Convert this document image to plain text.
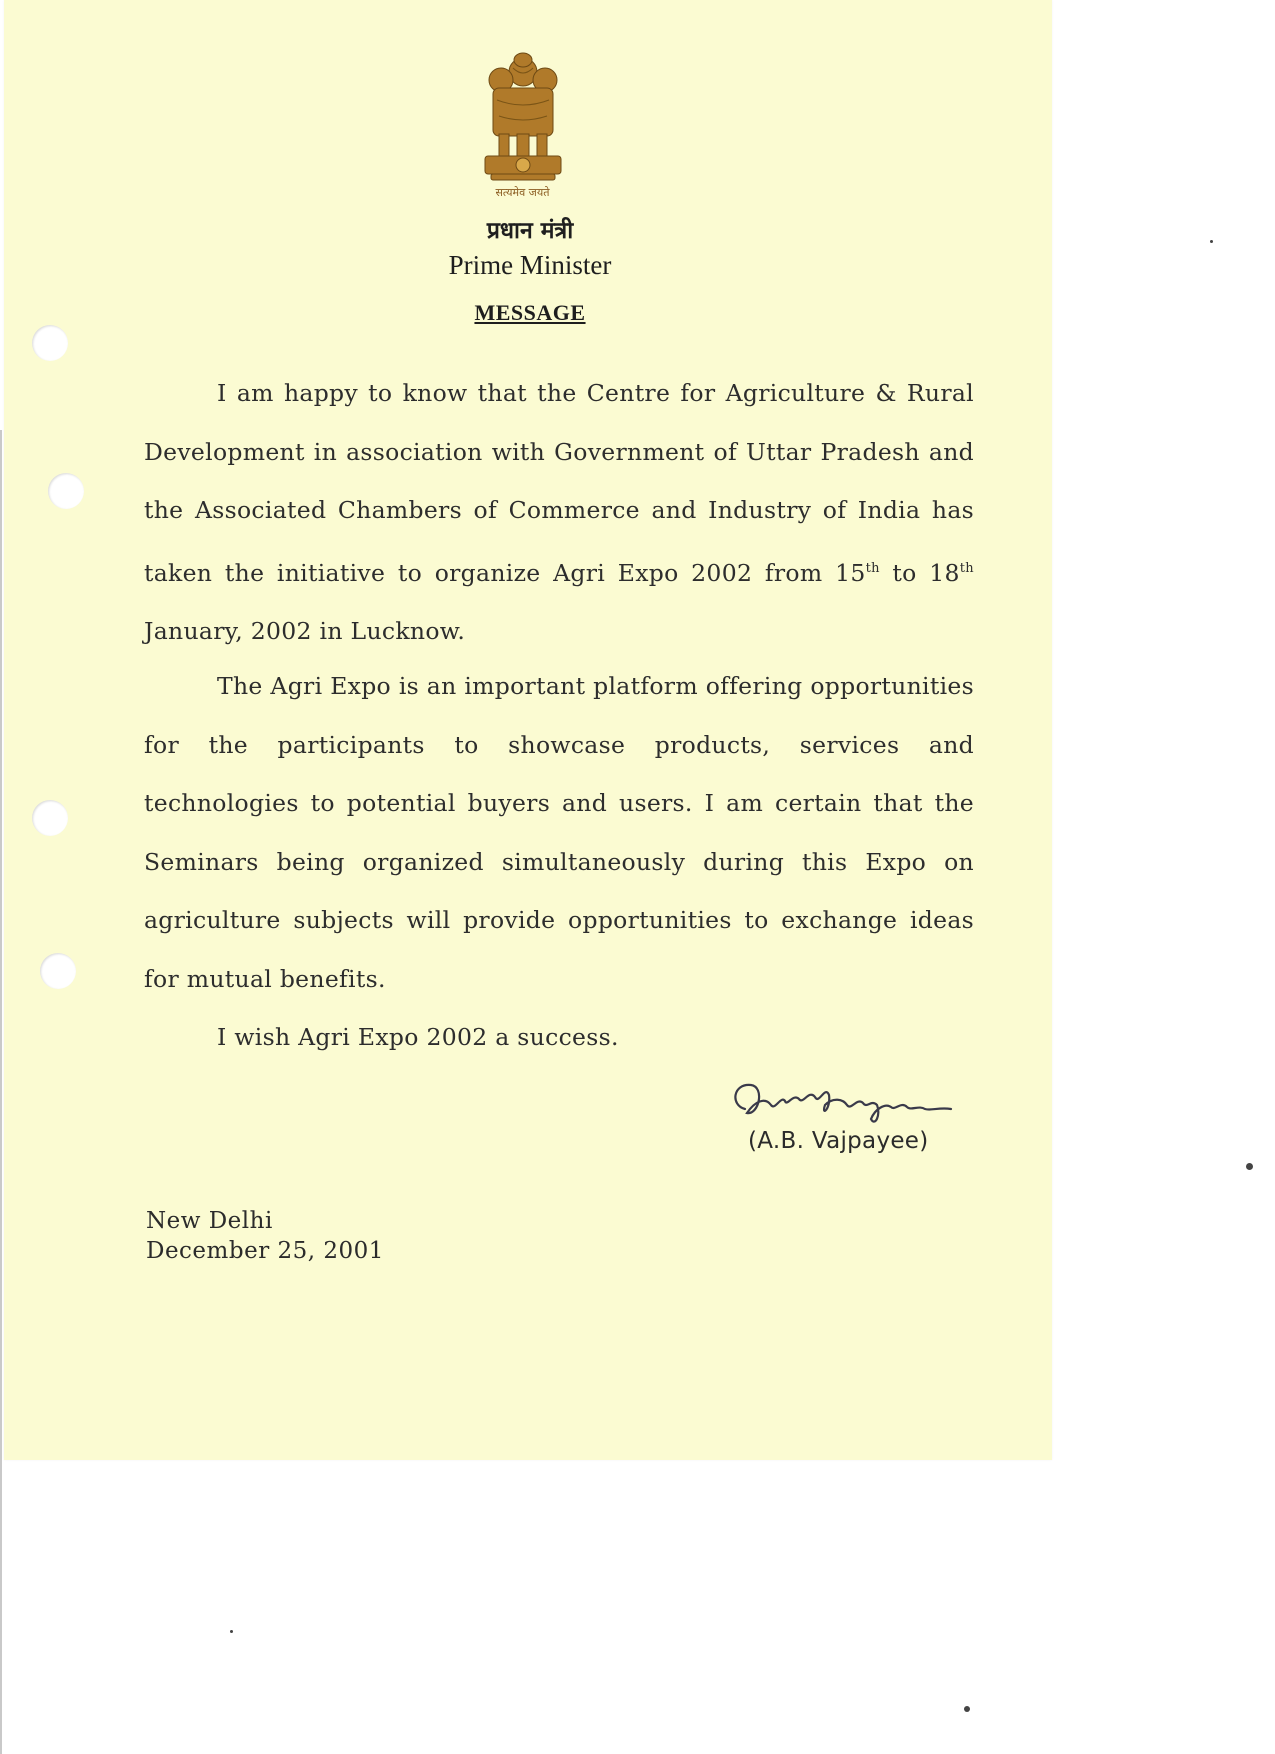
सत्यमेव जयते
प्रधान मंत्री
Prime Minister
MESSAGE
I am happy to know that the Centre for Agriculture & Rural Development in association with Government of Uttar Pradesh and the Associated Chambers of Commerce and Industry of India has taken the initiative to organize Agri Expo 2002 from 15th to 18th January, 2002 in Lucknow.
The Agri Expo is an important platform offering opportunities for the participants to showcase products, services and technologies to potential buyers and users. I am certain that the Seminars being organized simultaneously during this Expo on agriculture subjects will provide opportunities to exchange ideas for mutual benefits.
I wish Agri Expo 2002 a success.
(A.B. Vajpayee)
New Delhi
December 25, 2001
